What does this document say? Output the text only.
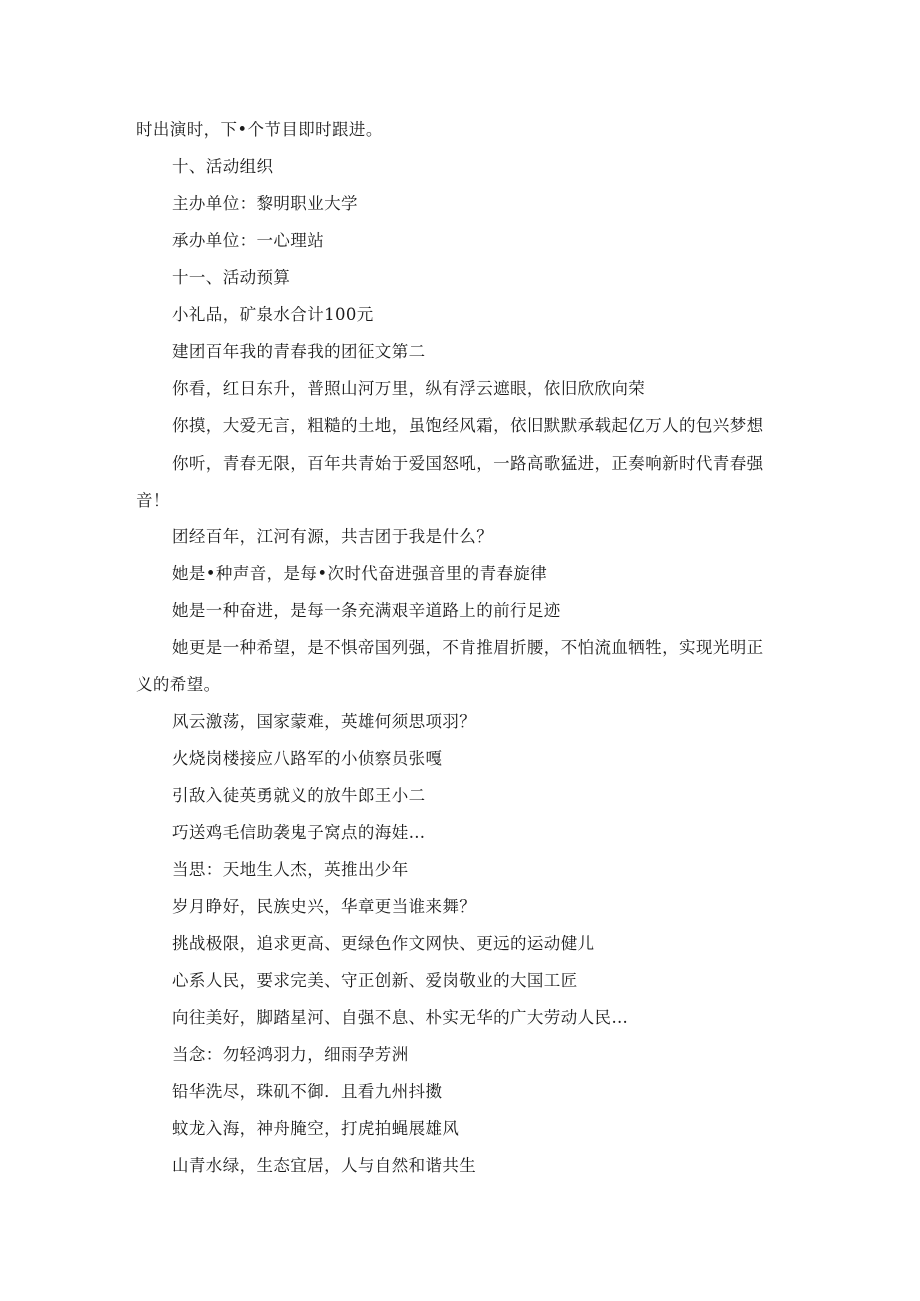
时出演时，下•个节目即时跟进。
十、活动组织
主办单位：黎明职业大学
承办单位：一心理站
十一、活动预算
小礼品，矿泉水合计100元
建团百年我的青春我的团征文第二
你看，红日东升，普照山河万里，纵有浮云遮眼，依旧欣欣向荣
你摸，大爱无言，粗糙的土地，虽饱经风霜，依旧默默承载起亿万人的包兴梦想
你听，青春无限，百年共青始于爱国怒吼，一路高歌猛进，正奏响新时代青春强
音！
团经百年，江河有源，共吉团于我是什么？
她是•种声音，是每•次时代奋进强音里的青春旋律
她是一种奋进，是每一条充满艰辛道路上的前行足迹
她更是一种希望，是不惧帝国列强，不肯推眉折腰，不怕流血牺牲，实现光明正
义的希望。
风云激荡，国家蒙难，英雄何须思项羽？
火烧岗楼接应八路军的小侦察员张嘎
引敌入徒英勇就义的放牛郎王小二
巧送鸡毛信助袭鬼子窝点的海娃…
当思：天地生人杰，英推出少年
岁月睁好，民族史兴，华章更当谁来舞？
挑战极限，追求更高、更绿色作文网快、更远的运动健儿
心系人民，要求完美、守正创新、爱岗敬业的大国工匠
向往美好，脚踏星河、自强不息、朴实无华的广大劳动人民…
当念：勿轻鸿羽力，细雨孕芳洲
铅华洗尽，珠矶不御．且看九州抖擞
蚊龙入海，神舟腌空，打虎拍蝇展雄风
山青水绿，生态宜居，人与自然和谐共生
